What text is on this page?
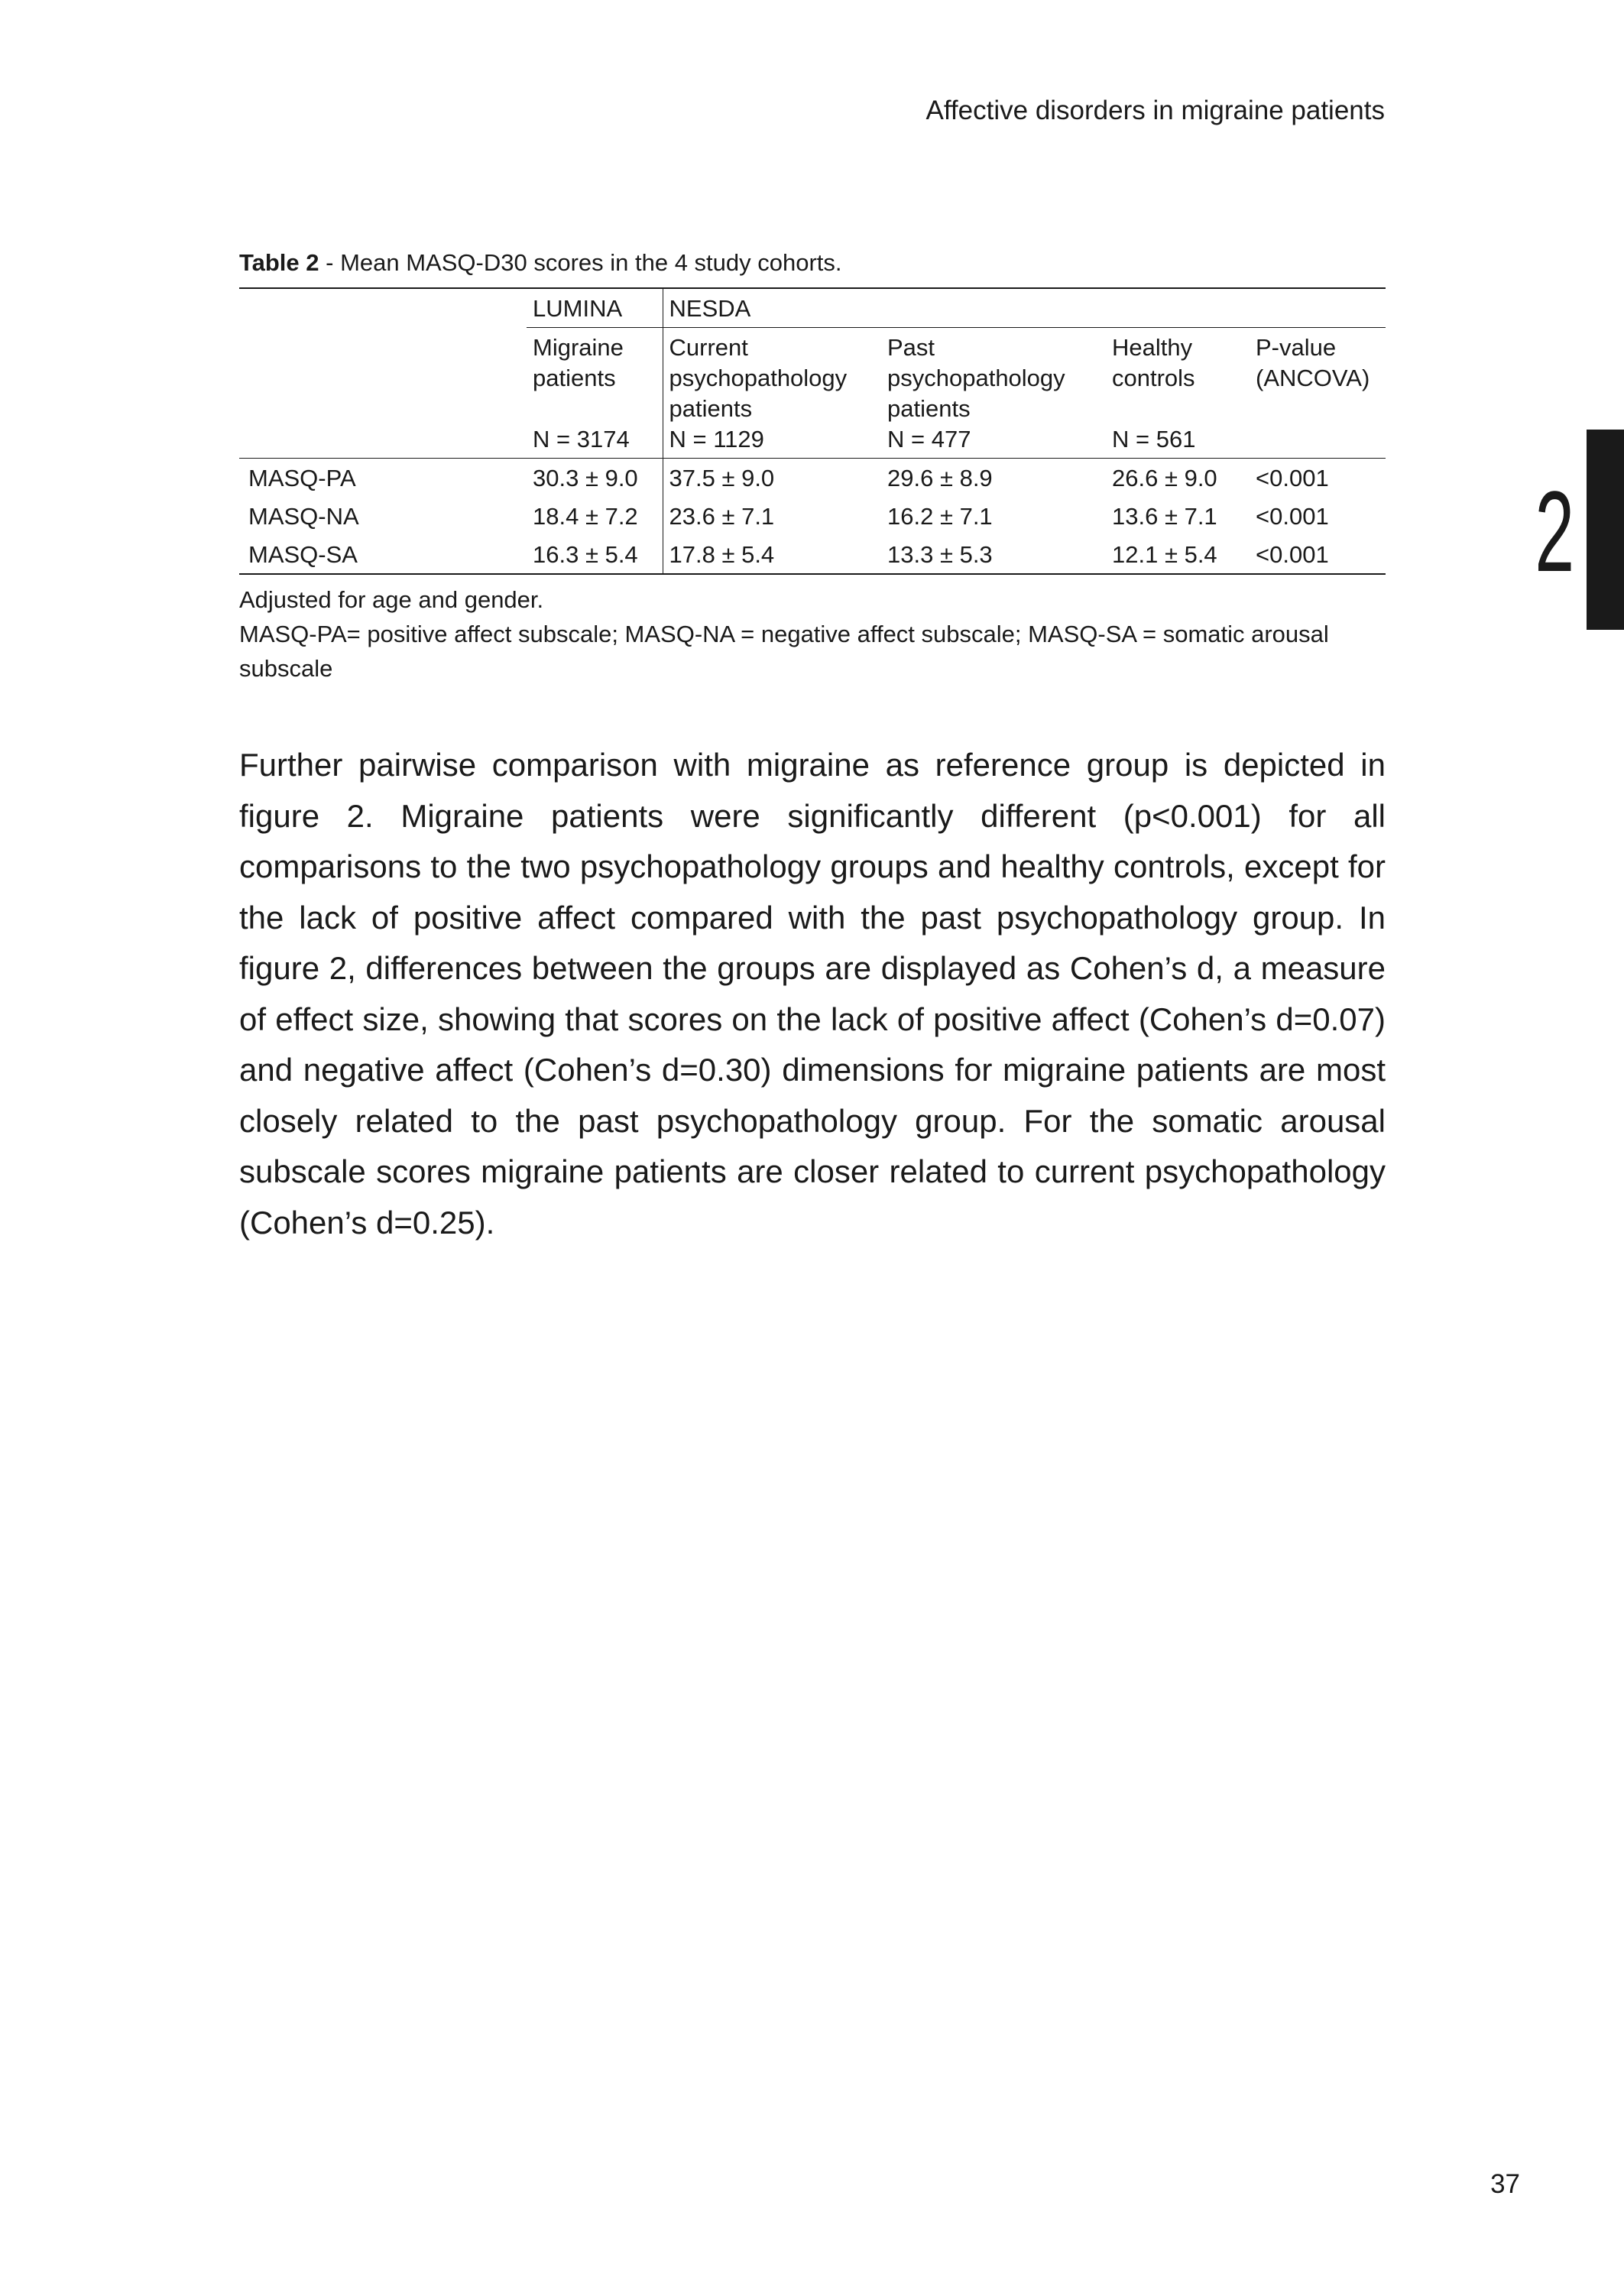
Affective disorders in migraine patients
2
Table 2 - Mean MASQ-D30 scores in the 4 study cohorts.
	LUMINA	NESDA			
	Migraine
patients	Current
psychopathology
patients	Past
psychopathology
patients	Healthy
controls	P-value
(ANCOVA)
	N = 3174	N = 1129	N = 477	N = 561	
MASQ-PA	30.3 ± 9.0	37.5 ± 9.0	29.6 ± 8.9	26.6 ± 9.0	<0.001
MASQ-NA	18.4 ± 7.2	23.6 ± 7.1	16.2 ± 7.1	13.6 ± 7.1	<0.001
MASQ-SA	16.3 ± 5.4	17.8 ± 5.4	13.3 ± 5.3	12.1 ± 5.4	<0.001

Adjusted for age and gender.

MASQ-PA= positive affect subscale; MASQ-NA = negative affect subscale; MASQ-SA = somatic arousal subscale

Further pairwise comparison with migraine as reference group is depicted in figure 2. Migraine patients were significantly different (p<0.001) for all comparisons to the two psychopathology groups and healthy controls, except for the lack of positive affect compared with the past psychopathology group. In figure 2, differences between the groups are displayed as Cohen’s d, a measure of effect size, showing that scores on the lack of positive affect (Cohen’s d=0.07) and negative affect (Cohen’s d=0.30) dimensions for migraine patients are most closely related to the past psychopathology group. For the somatic arousal subscale scores migraine patients are closer related to current psychopathology (Cohen’s d=0.25).

37
